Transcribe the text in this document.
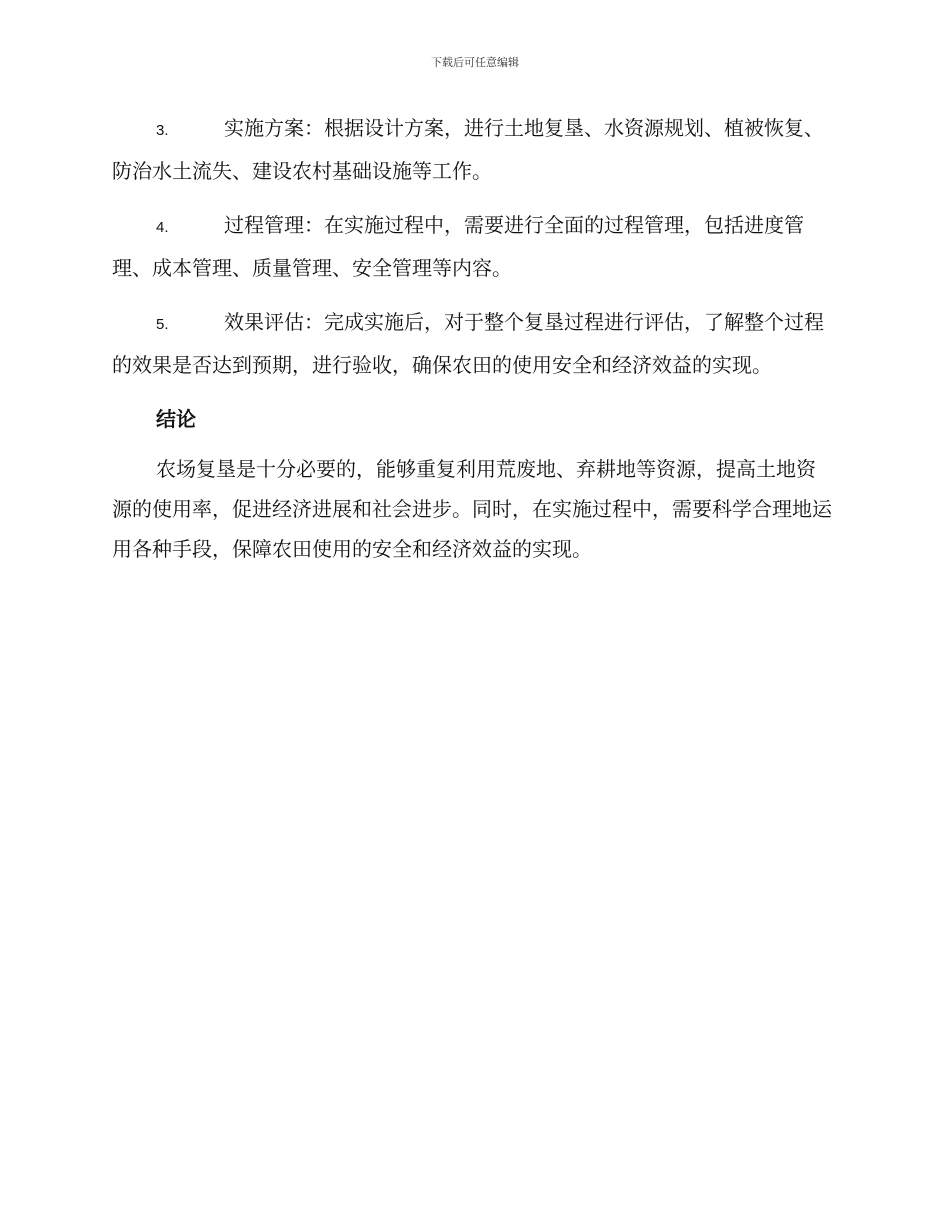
下载后可任意编辑

3.	实施方案：根据设计方案，进行土地复垦、水资源规划、植被恢复、防治水土流失、建设农村基础设施等工作。

4.	过程管理：在实施过程中，需要进行全面的过程管理，包括进度管理、成本管理、质量管理、安全管理等内容。

5.	效果评估：完成实施后，对于整个复垦过程进行评估，了解整个过程的效果是否达到预期，进行验收，确保农田的使用安全和经济效益的实现。

结论

农场复垦是十分必要的，能够重复利用荒废地、弃耕地等资源，提高土地资源的使用率，促进经济进展和社会进步。同时，在实施过程中，需要科学合理地运用各种手段，保障农田使用的安全和经济效益的实现。
